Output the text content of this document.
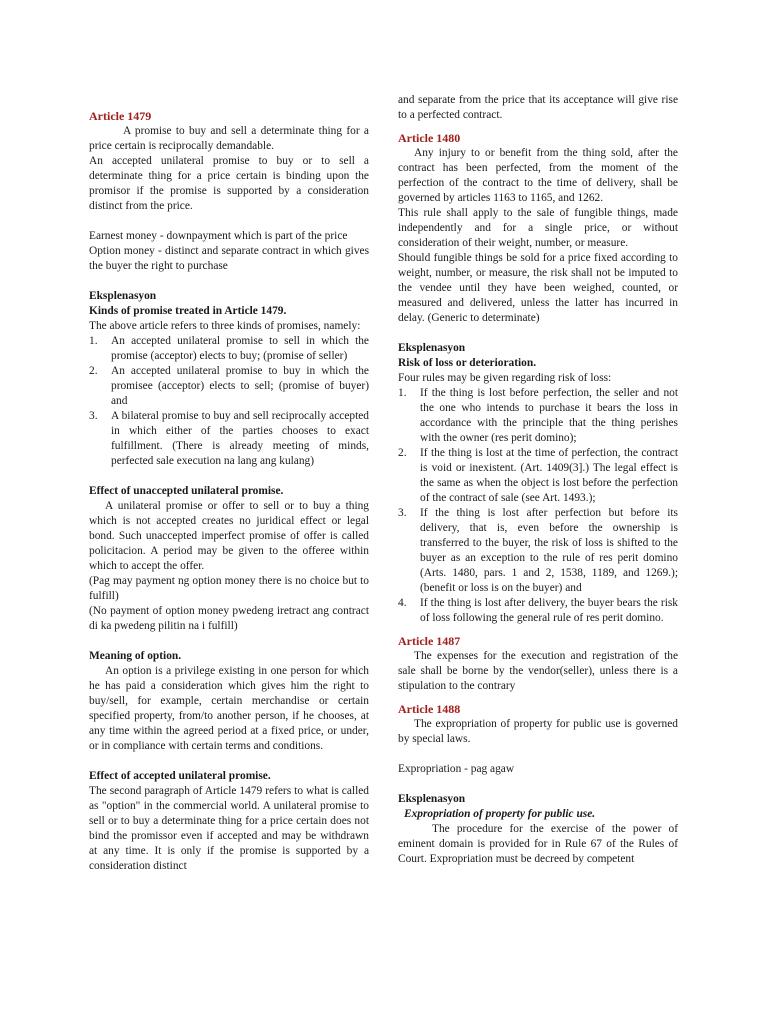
Article 1479

A promise to buy and sell a determinate thing for a price certain is reciprocally demandable.

An accepted unilateral promise to buy or to sell a determinate thing for a price certain is binding upon the promisor if the promise is supported by a consideration distinct from the price.

Earnest money - downpayment which is part of the price

Option money - distinct and separate contract in which gives the buyer the right to purchase

Eksplenasyon

Kinds of promise treated in Article 1479.

The above article refers to three kinds of promises, namely:

1. An accepted unilateral promise to sell in which the promise (acceptor) elects to buy; (promise of seller)
2. An accepted unilateral promise to buy in which the promisee (acceptor) elects to sell; (promise of buyer) and
3. A bilateral promise to buy and sell reciprocally accepted in which either of the parties chooses to exact fulfillment. (There is already meeting of minds, perfected sale execution na lang ang kulang)

Effect of unaccepted unilateral promise.

A unilateral promise or offer to sell or to buy a thing which is not accepted creates no juridical effect or legal bond. Such unaccepted imperfect promise of offer is called policitacion. A period may be given to the offeree within which to accept the offer.

(Pag may payment ng option money there is no choice but to fulfill)

(No payment of option money pwedeng iretract ang contract di ka pwedeng pilitin na i fulfill)

Meaning of option.

An option is a privilege existing in one person for which he has paid a consideration which gives him the right to buy/sell, for example, certain merchandise or certain specified property, from/to another person, if he chooses, at any time within the agreed period at a fixed price, or under, or in compliance with certain terms and conditions.

Effect of accepted unilateral promise.

The second paragraph of Article 1479 refers to what is called as "option" in the commercial world. A unilateral promise to sell or to buy a determinate thing for a price certain does not bind the promissor even if accepted and may be withdrawn at any time. It is only if the promise is supported by a consideration distinct

and separate from the price that its acceptance will give rise to a perfected contract.

Article 1480

Any injury to or benefit from the thing sold, after the contract has been perfected, from the moment of the perfection of the contract to the time of delivery, shall be governed by articles 1163 to 1165, and 1262.

This rule shall apply to the sale of fungible things, made independently and for a single price, or without consideration of their weight, number, or measure.

Should fungible things be sold for a price fixed according to weight, number, or measure, the risk shall not be imputed to the vendee until they have been weighed, counted, or measured and delivered, unless the latter has incurred in delay. (Generic to determinate)

Eksplenasyon

Risk of loss or deterioration.

Four rules may be given regarding risk of loss:

1. If the thing is lost before perfection, the seller and not the one who intends to purchase it bears the loss in accordance with the principle that the thing perishes with the owner (res perit domino);
2. If the thing is lost at the time of perfection, the contract is void or inexistent. (Art. 1409(3].) The legal effect is the same as when the object is lost before the perfection of the contract of sale (see Art. 1493.);
3. If the thing is lost after perfection but before its delivery, that is, even before the ownership is transferred to the buyer, the risk of loss is shifted to the buyer as an exception to the rule of res perit domino (Arts. 1480, pars. 1 and 2, 1538, 1189, and 1269.); (benefit or loss is on the buyer) and
4. If the thing is lost after delivery, the buyer bears the risk of loss following the general rule of res perit domino.

Article 1487

The expenses for the execution and registration of the sale shall be borne by the vendor(seller), unless there is a stipulation to the contrary

Article 1488

The expropriation of property for public use is governed by special laws.

Expropriation - pag agaw

Eksplenasyon

Expropriation of property for public use.

The procedure for the exercise of the power of eminent domain is provided for in Rule 67 of the Rules of Court. Expropriation must be decreed by competent
